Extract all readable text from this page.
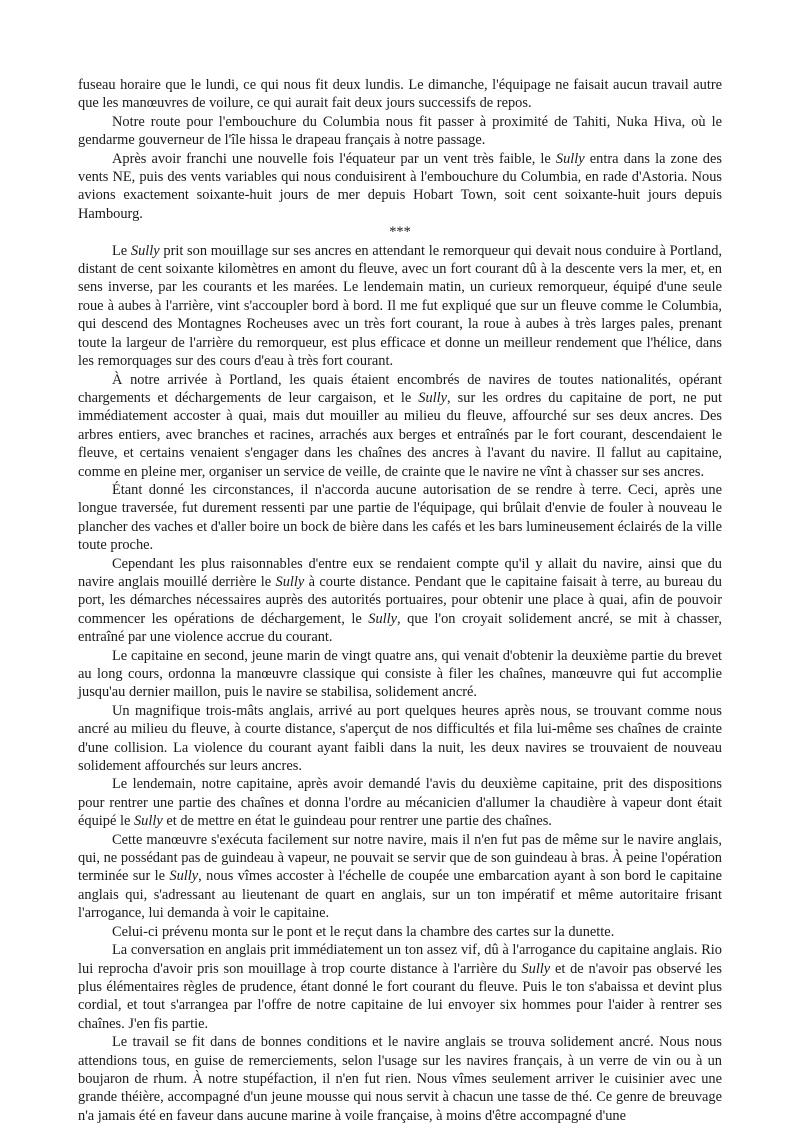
fuseau horaire que le lundi, ce qui nous fit deux lundis. Le dimanche, l'équipage ne faisait aucun travail autre que les manœuvres de voilure, ce qui aurait fait deux jours successifs de repos.

Notre route pour l'embouchure du Columbia nous fit passer à proximité de Tahiti, Nuka Hiva, où le gendarme gouverneur de l'île hissa le drapeau français à notre passage.

Après avoir franchi une nouvelle fois l'équateur par un vent très faible, le Sully entra dans la zone des vents NE, puis des vents variables qui nous conduisirent à l'embouchure du Columbia, en rade d'Astoria. Nous avions exactement soixante-huit jours de mer depuis Hobart Town, soit cent soixante-huit jours depuis Hambourg.

***

Le Sully prit son mouillage sur ses ancres en attendant le remorqueur qui devait nous conduire à Portland, distant de cent soixante kilomètres en amont du fleuve, avec un fort courant dû à la descente vers la mer, et, en sens inverse, par les courants et les marées. Le lendemain matin, un curieux remorqueur, équipé d'une seule roue à aubes à l'arrière, vint s'accoupler bord à bord. Il me fut expliqué que sur un fleuve comme le Columbia, qui descend des Montagnes Rocheuses avec un très fort courant, la roue à aubes à très larges pales, prenant toute la largeur de l'arrière du remorqueur, est plus efficace et donne un meilleur rendement que l'hélice, dans les remorquages sur des cours d'eau à très fort courant.

À notre arrivée à Portland, les quais étaient encombrés de navires de toutes nationalités, opérant chargements et déchargements de leur cargaison, et le Sully, sur les ordres du capitaine de port, ne put immédiatement accoster à quai, mais dut mouiller au milieu du fleuve, affourché sur ses deux ancres. Des arbres entiers, avec branches et racines, arrachés aux berges et entraînés par le fort courant, descendaient le fleuve, et certains venaient s'engager dans les chaînes des ancres à l'avant du navire. Il fallut au capitaine, comme en pleine mer, organiser un service de veille, de crainte que le navire ne vînt à chasser sur ses ancres.

Étant donné les circonstances, il n'accorda aucune autorisation de se rendre à terre. Ceci, après une longue traversée, fut durement ressenti par une partie de l'équipage, qui brûlait d'envie de fouler à nouveau le plancher des vaches et d'aller boire un bock de bière dans les cafés et les bars lumineusement éclairés de la ville toute proche.

Cependant les plus raisonnables d'entre eux se rendaient compte qu'il y allait du navire, ainsi que du navire anglais mouillé derrière le Sully à courte distance. Pendant que le capitaine faisait à terre, au bureau du port, les démarches nécessaires auprès des autorités portuaires, pour obtenir une place à quai, afin de pouvoir commencer les opérations de déchargement, le Sully, que l'on croyait solidement ancré, se mit à chasser, entraîné par une violence accrue du courant.

Le capitaine en second, jeune marin de vingt quatre ans, qui venait d'obtenir la deuxième partie du brevet au long cours, ordonna la manœuvre classique qui consiste à filer les chaînes, manœuvre qui fut accomplie jusqu'au dernier maillon, puis le navire se stabilisa, solidement ancré.

Un magnifique trois-mâts anglais, arrivé au port quelques heures après nous, se trouvant comme nous ancré au milieu du fleuve, à courte distance, s'aperçut de nos difficultés et fila lui-même ses chaînes de crainte d'une collision. La violence du courant ayant faibli dans la nuit, les deux navires se trouvaient de nouveau solidement affourchés sur leurs ancres.

Le lendemain, notre capitaine, après avoir demandé l'avis du deuxième capitaine, prit des dispositions pour rentrer une partie des chaînes et donna l'ordre au mécanicien d'allumer la chaudière à vapeur dont était équipé le Sully et de mettre en état le guindeau pour rentrer une partie des chaînes.

Cette manœuvre s'exécuta facilement sur notre navire, mais il n'en fut pas de même sur le navire anglais, qui, ne possédant pas de guindeau à vapeur, ne pouvait se servir que de son guindeau à bras. À peine l'opération terminée sur le Sully, nous vîmes accoster à l'échelle de coupée une embarcation ayant à son bord le capitaine anglais qui, s'adressant au lieutenant de quart en anglais, sur un ton impératif et même autoritaire frisant l'arrogance, lui demanda à voir le capitaine.

Celui-ci prévenu monta sur le pont et le reçut dans la chambre des cartes sur la dunette.

La conversation en anglais prit immédiatement un ton assez vif, dû à l'arrogance du capitaine anglais. Rio lui reprocha d'avoir pris son mouillage à trop courte distance à l'arrière du Sully et de n'avoir pas observé les plus élémentaires règles de prudence, étant donné le fort courant du fleuve. Puis le ton s'abaissa et devint plus cordial, et tout s'arrangea par l'offre de notre capitaine de lui envoyer six hommes pour l'aider à rentrer ses chaînes. J'en fis partie.

Le travail se fit dans de bonnes conditions et le navire anglais se trouva solidement ancré. Nous nous attendions tous, en guise de remerciements, selon l'usage sur les navires français, à un verre de vin ou à un boujaron de rhum. À notre stupéfaction, il n'en fut rien. Nous vîmes seulement arriver le cuisinier avec une grande théière, accompagné d'un jeune mousse qui nous servit à chacun une tasse de thé. Ce genre de breuvage n'a jamais été en faveur dans aucune marine à voile française, à moins d'être accompagné d'une
